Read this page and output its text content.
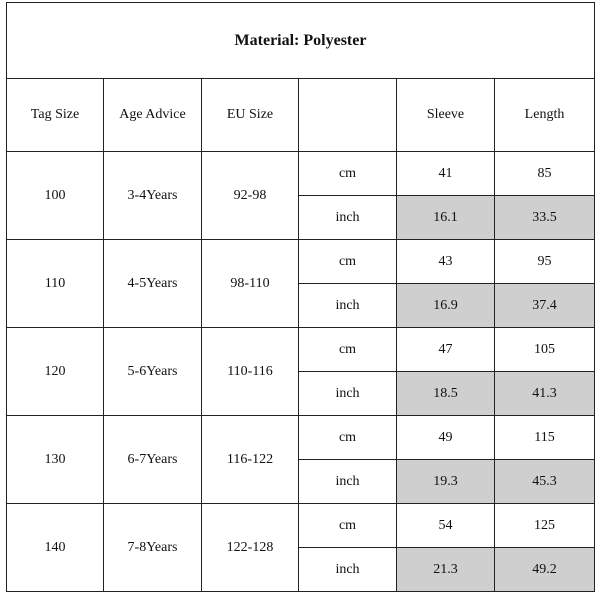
Material: Polyester					
Tag Size	Age Advice	EU Size		Sleeve	Length
100	3-4Years	92-98	cm	41	85
			inch	16.1	33.5
110	4-5Years	98-110	cm	43	95
			inch	16.9	37.4
120	5-6Years	110-116	cm	47	105
			inch	18.5	41.3
130	6-7Years	116-122	cm	49	115
			inch	19.3	45.3
140	7-8Years	122-128	cm	54	125
			inch	21.3	49.2
